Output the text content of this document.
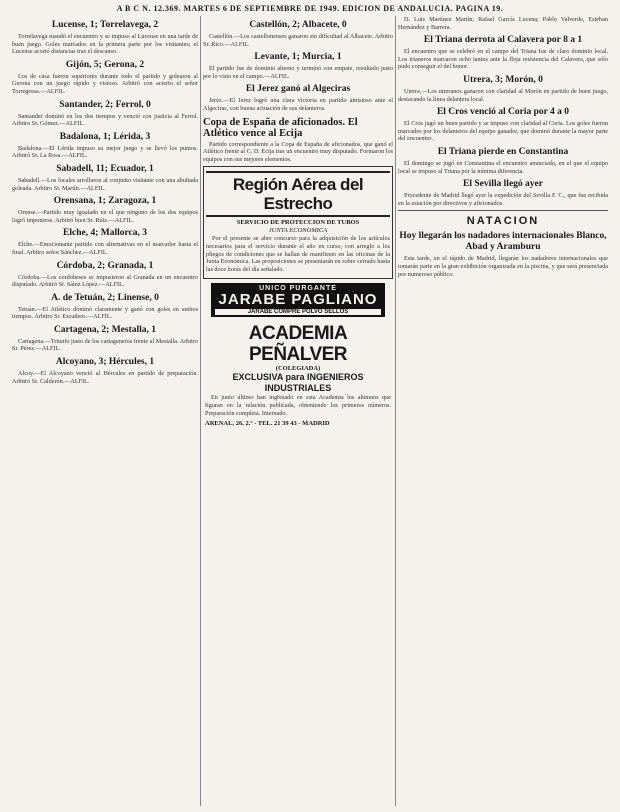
A B C N. 12.369. MARTES 6 DE SEPTIEMBRE DE 1949. EDICION DE ANDALUCIA. PAGINA 19.
Lucense, 1; Torrelavega, 2
Torrelavega mandó el encuentro y se impuso al Lucense en una tarde de buen juego. Goles marcados en la primera parte por los visitantes; el Lucense acortó distancias tras el descanso.
Gijón, 5; Gerona, 2
Los de casa fueron superiores durante todo el partido y golearon al Gerona con un juego rápido y vistoso. Arbitró con acierto el señor Torregrosa.—ALFIL.
Santander, 2; Ferrol, 0
Santander dominó en los dos tiempos y venció con justicia al Ferrol. Arbitro Sr. Gómez.—ALFIL.
Badalona, 1; Lérida, 3
Badalona.—El Lérida impuso su mejor juego y se llevó los puntos. Arbitró Sr. La Rosa.—ALFIL.
Sabadell, 11; Ecuador, 1
Sabadell.—Los locales arrollaron al conjunto visitante con una abultada goleada. Arbitro Sr. Martín.—ALFIL.
Orensana, 1; Zaragoza, 1
Orense.—Partido muy igualado en el que ninguno de los dos equipos logró imponerse. Arbitró bien Sr. Ruiz.—ALFIL.
Elche, 4; Mallorca, 3
Elche.—Emocionante partido con alternativas en el marcador hasta el final. Arbitro señor Sánchez.—ALFIL.
Córdoba, 2; Granada, 1
Córdoba.—Los cordobeses se impusieron al Granada en un encuentro disputado. Arbitró Sr. Sáinz López.—ALFIL.
A. de Tetuán, 2; Linense, 0
Tetuán.—El Atlético dominó claramente y ganó con goles en ambos tiempos. Arbitro Sr. Escudero.—ALFIL.
Cartagena, 2; Mestalla, 1
Cartagena.—Triunfo justo de los cartageneros frente al Mestalla. Arbitro Sr. Pérez.—ALFIL.
Alcoyano, 3; Hércules, 1
Alcoy.—El Alcoyano venció al Hércules en partido de preparación. Arbitró Sr. Calderón.—ALFIL.
Castellón, 2; Albacete, 0
Castellón.—Los castellonenses ganaron sin dificultad al Albacete. Arbitro Sr. Rico.—ALFIL.
Levante, 1; Murcia, 1
El partido fue de dominio alterno y terminó con empate, resultado justo por lo visto en el campo.—ALFIL.
El Jerez ganó al Algeciras
Jerez.—El Jerez logró una clara victoria en partido amistoso ante el Algeciras, con buena actuación de sus delanteros.
Copa de España de aficionados. El Atlético vence al Ecija
Partido correspondiente a la Copa de España de aficionados, que ganó el Atlético frente al C. D. Ecija tras un encuentro muy disputado. Formaron los equipos con sus mejores elementos.
Región Aérea del Estrecho
SERVICIO DE PROTECCION DE TUBOS
JUNTA ECONOMICA
Por el presente se abre concurso para la adquisición de los artículos necesarios para el servicio durante el año en curso, con arreglo a los pliegos de condiciones que se hallan de manifiesto en las oficinas de la Junta Económica. Las proposiciones se presentarán en sobre cerrado hasta las doce horas del día señalado.
UNICO PURGANTE
JARABE PAGLIANO
JARABE COMPRE POLVO SELLOS
ACADEMIA PEÑALVER
(COLEGIADA)
EXCLUSIVA para INGENIEROS INDUSTRIALES
En junio último han ingresado en esta Academia los alumnos que figuran en la relación publicada, obteniendo los primeros números. Preparación completa. Internado.
ARENAL, 26, 2.º - TEL. 21 39 43 - MADRID
D. Luis Martínez Martín; Rafael García Lucena; Pablo Valverde, Esteban Hernández y Barrera.
El Triana derrota al Calavera por 8 a 1
El encuentro que se celebró en el campo del Triana fue de claro dominio local. Los trianeros marcaron ocho tantos ante la floja resistencia del Calavera, que sólo pudo conseguir el del honor.
Utrera, 3; Morón, 0
Utrera.—Los utreranos ganaron con claridad al Morón en partido de buen juego, destacando la línea delantera local.
El Cros venció al Coria por 4 a 0
El Cros jugó un buen partido y se impuso con claridad al Coria. Los goles fueron marcados por los delanteros del equipo ganador, que dominó durante la mayor parte del encuentro.
El Triana pierde en Constantina
El domingo se jugó en Constantina el encuentro anunciado, en el que el equipo local se impuso al Triana por la mínima diferencia.
El Sevilla llegó ayer
Procedente de Madrid llegó ayer la expedición del Sevilla F. C., que fue recibida en la estación por directivos y aficionados.
NATACION
Hoy llegarán los nadadores internacionales Blanco, Abad y Aramburu
Esta tarde, en el rápido de Madrid, llegarán los nadadores internacionales que tomarán parte en la gran exhibición organizada en la piscina, y que será presenciada por numeroso público.
